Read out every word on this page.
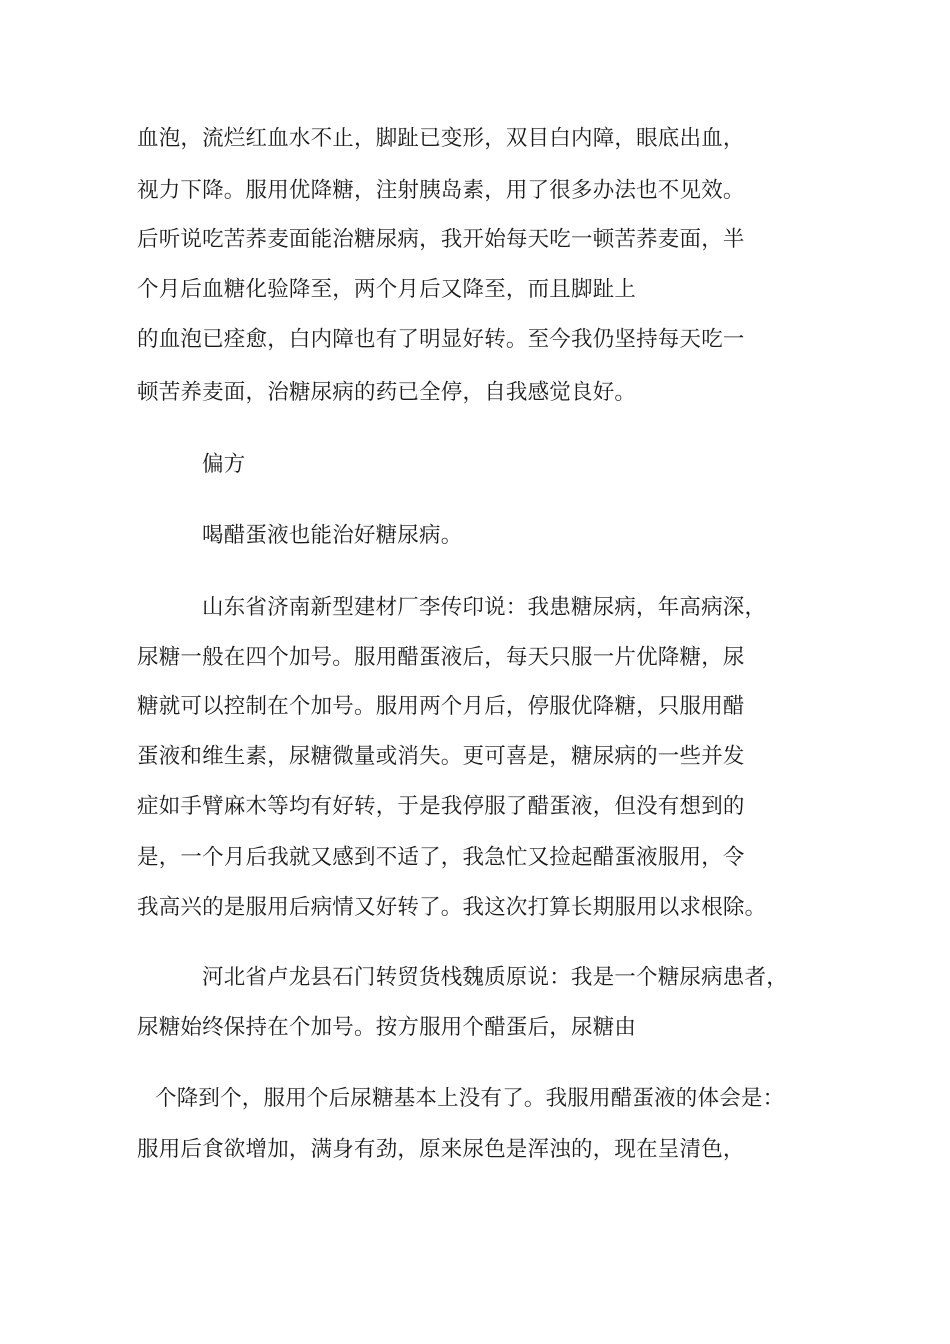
血泡，流烂红血水不止，脚趾已变形，双目白内障，眼底出血，
视力下降。服用优降糖，注射胰岛素，用了很多办法也不见效。
后听说吃苦荞麦面能治糖尿病，我开始每天吃一顿苦荞麦面，半
个月后血糖化验降至，两个月后又降至，而且脚趾上
的血泡已痊愈，白内障也有了明显好转。至今我仍坚持每天吃一
顿苦养麦面，治糖尿病的药已全停，自我感觉良好。
偏方
喝醋蛋液也能治好糖尿病。
山东省济南新型建材厂李传印说：我患糖尿病，年高病深，
尿糖一般在四个加号。服用醋蛋液后，每天只服一片优降糖，尿
糖就可以控制在个加号。服用两个月后，停服优降糖，只服用醋
蛋液和维生素，尿糖微量或消失。更可喜是，糖尿病的一些并发
症如手臂麻木等均有好转，于是我停服了醋蛋液，但没有想到的
是，一个月后我就又感到不适了，我急忙又捡起醋蛋液服用，令
我高兴的是服用后病情又好转了。我这次打算长期服用以求根除。
河北省卢龙县石门转贸货栈魏质原说：我是一个糖尿病患者，
尿糖始终保持在个加号。按方服用个醋蛋后，尿糖由
个降到个，服用个后尿糖基本上没有了。我服用醋蛋液的体会是：
服用后食欲增加，满身有劲，原来尿色是浑浊的，现在呈清色，
